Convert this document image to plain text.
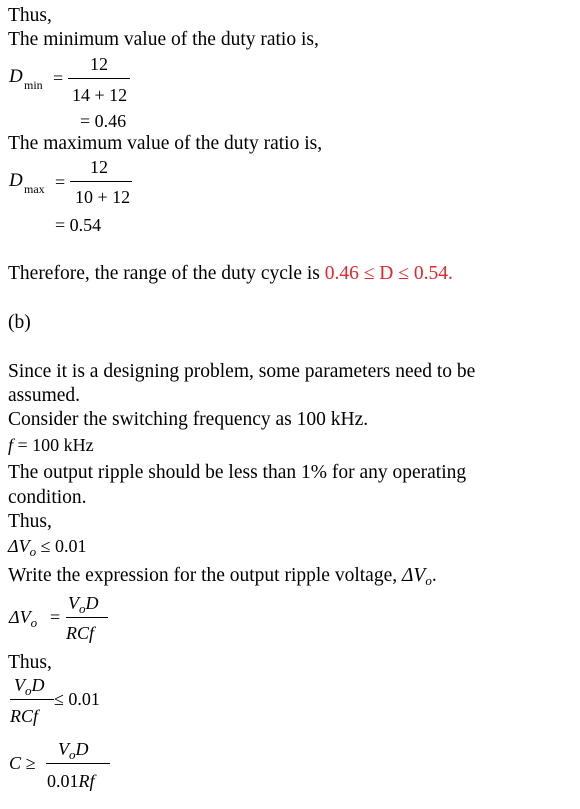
Thus,
The minimum value of the duty ratio is,
D min =
12
14 + 12
= 0.46
The maximum value of the duty ratio is,
D max =
12
10 + 12
= 0.54
Therefore, the range of the duty cycle is 0.46 ≤ D ≤ 0.54.
(b)
Since it is a designing problem, some parameters need to be
assumed.
Consider the switching frequency as 100 kHz.
f = 100 kHz
The output ripple should be less than 1% for any operating
condition.
Thus,
$\Delta V_o \le 0.01$
Write the expression for the output ripple voltage, $\Delta V_o$.
$\Delta V_o$ =
$V_oD$
RCf
Thus,
$V_oD$
RCf
≤ 0.01
C ≥
$V_oD$
0.01Rf
